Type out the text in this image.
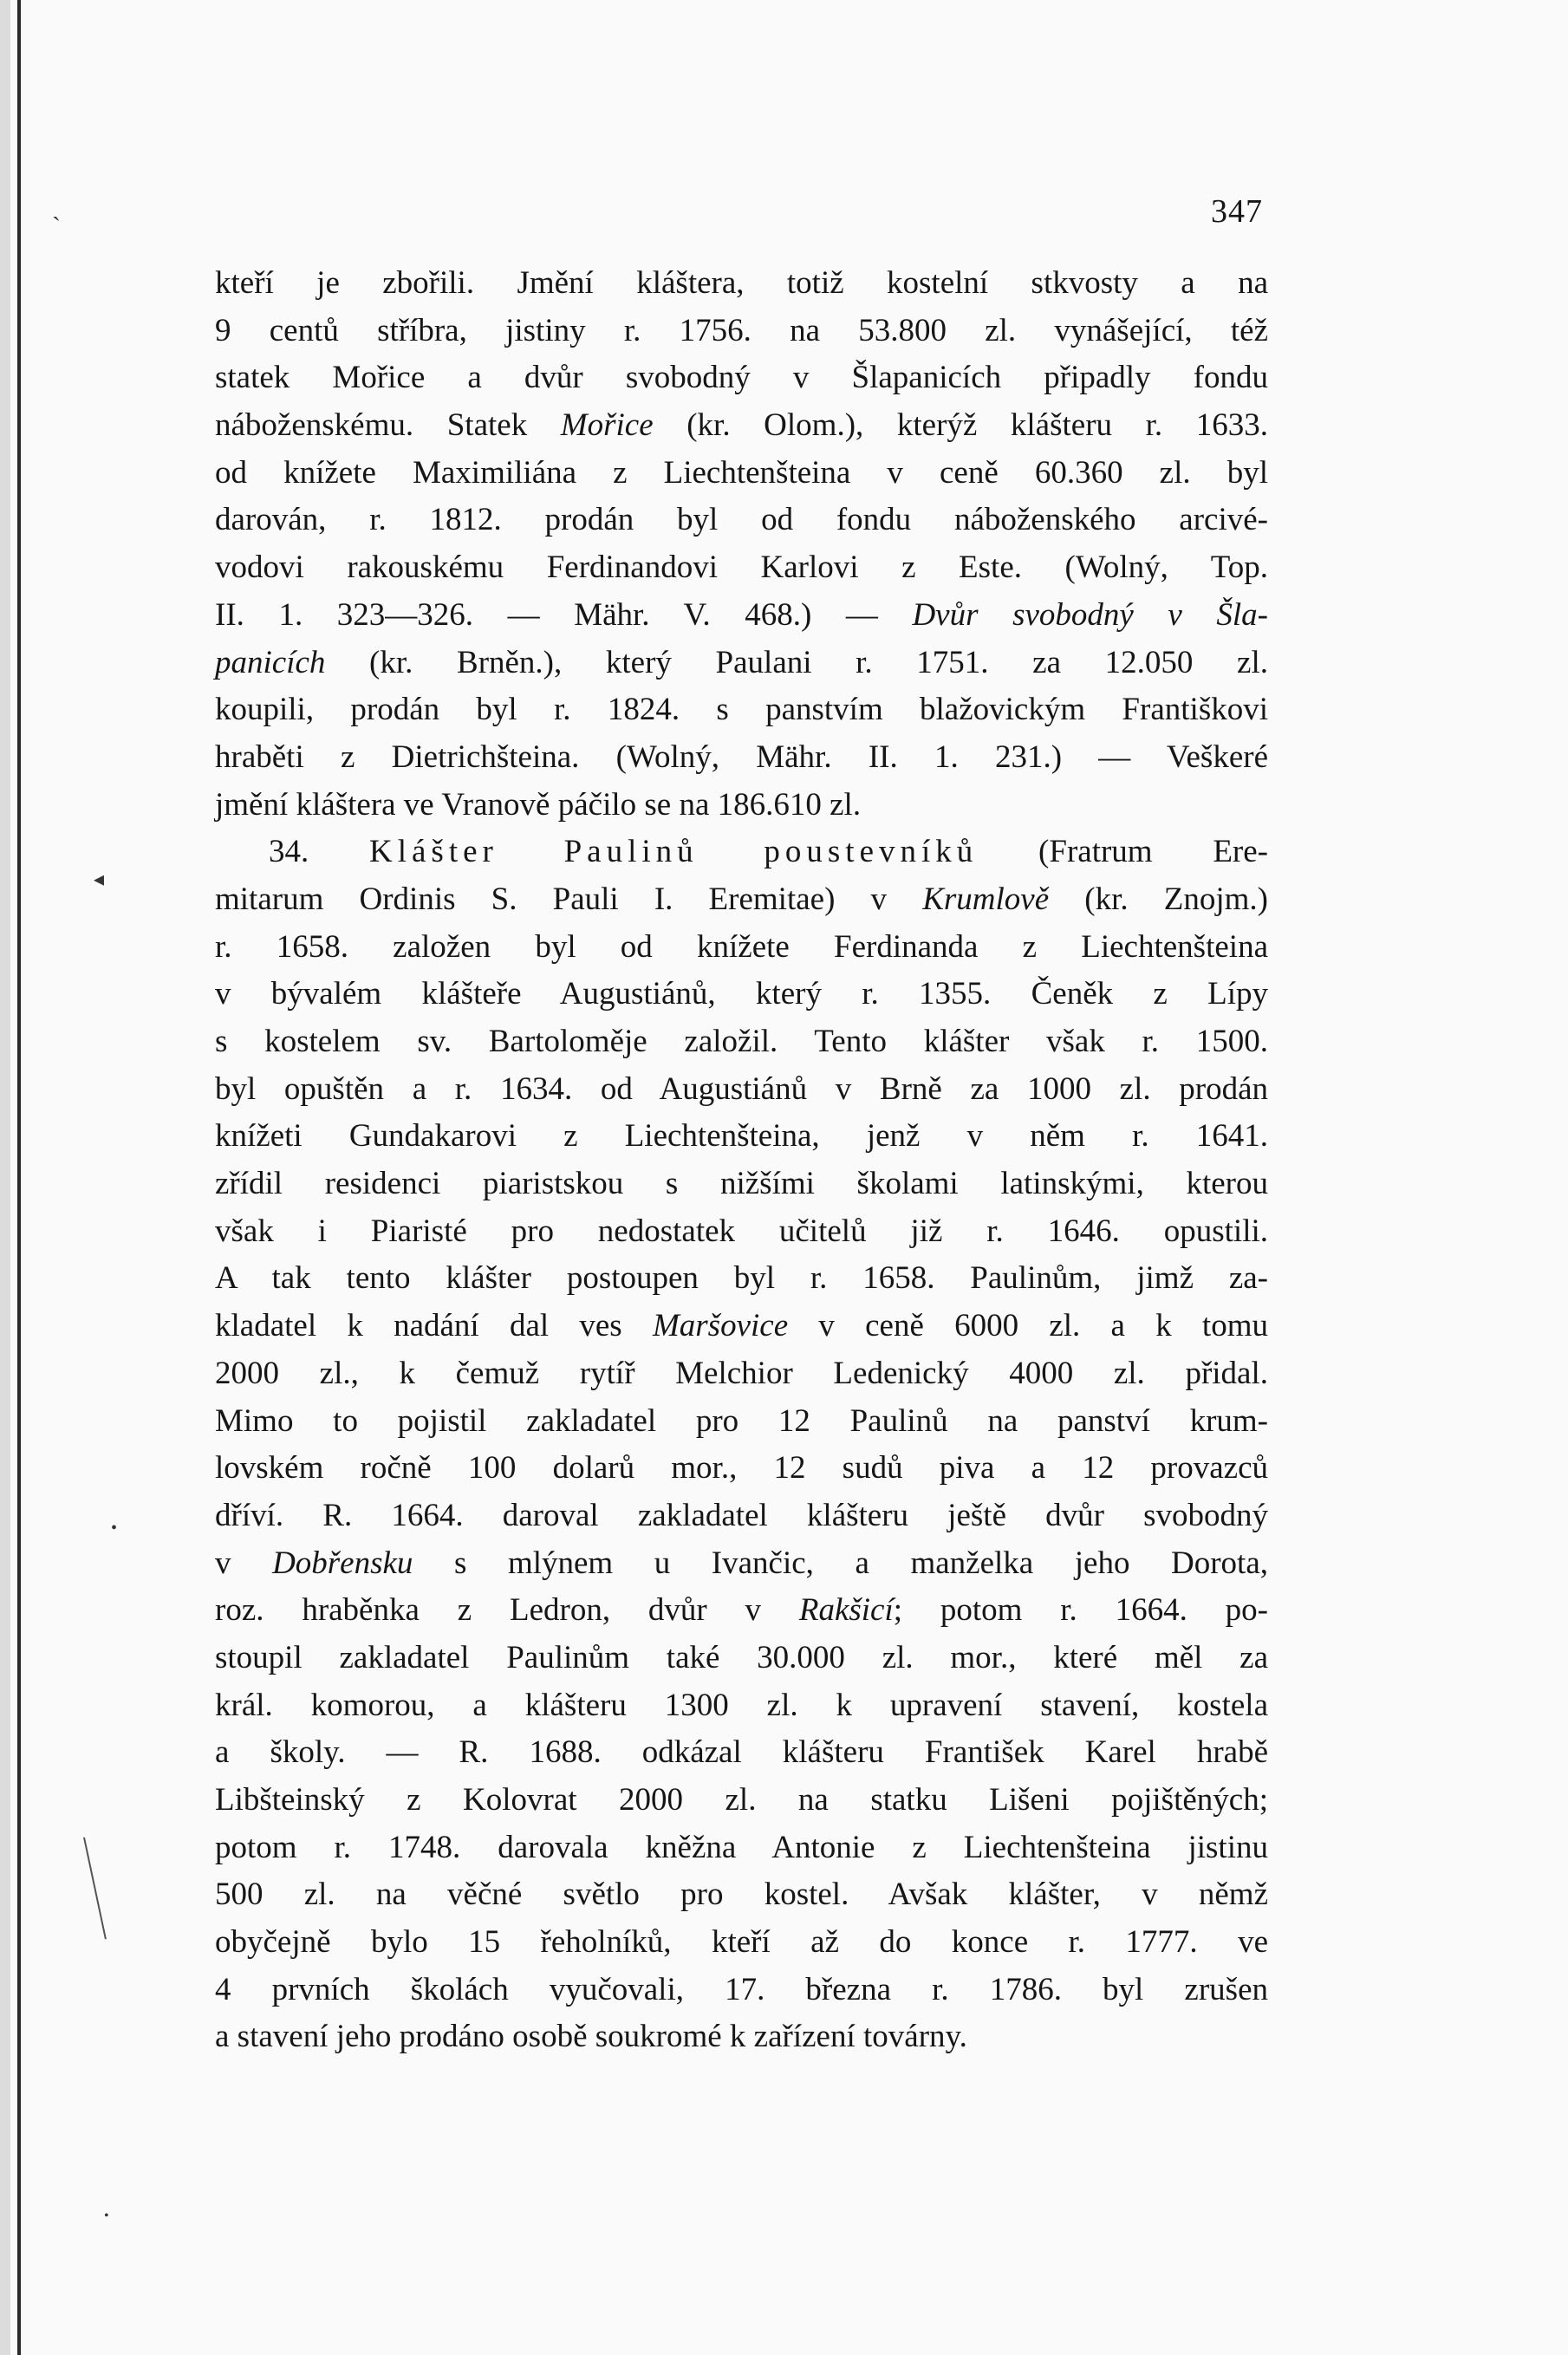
347
kteří je zbořili. Jmění kláštera, totiž kostelní stkvosty a na
9 centů stříbra, jistiny r. 1756. na 53.800 zl. vynášející, též
statek Mořice a dvůr svobodný v Šlapanicích připadly fondu
náboženskému. Statek Mořice (kr. Olom.), kterýž klášteru r. 1633.
od knížete Maximiliána z Liechtenšteina v ceně 60.360 zl. byl
darován, r. 1812. prodán byl od fondu náboženského arcivé-
vodovi rakouskému Ferdinandovi Karlovi z Este. (Wolný, Top.
II. 1. 323—326. — Mähr. V. 468.) — Dvůr svobodný v Šla-
panicích (kr. Brněn.), který Paulani r. 1751. za 12.050 zl.
koupili, prodán byl r. 1824. s panstvím blažovickým Františkovi
hraběti z Dietrichšteina. (Wolný, Mähr. II. 1. 231.) — Veškeré
jmění kláštera ve Vranově páčilo se na 186.610 zl.
34. Klášter Paulinů poustevníků (Fratrum Ere-
mitarum Ordinis S. Pauli I. Eremitae) v Krumlově (kr. Znojm.)
r. 1658. založen byl od knížete Ferdinanda z Liechtenšteina
v bývalém klášteře Augustiánů, který r. 1355. Čeněk z Lípy
s kostelem sv. Bartoloměje založil. Tento klášter však r. 1500.
byl opuštěn a r. 1634. od Augustiánů v Brně za 1000 zl. prodán
knížeti Gundakarovi z Liechtenšteina, jenž v něm r. 1641.
zřídil residenci piaristskou s nižšími školami latinskými, kterou
však i Piaristé pro nedostatek učitelů již r. 1646. opustili.
A tak tento klášter postoupen byl r. 1658. Paulinům, jimž za-
kladatel k nadání dal ves Maršovice v ceně 6000 zl. a k tomu
2000 zl., k čemuž rytíř Melchior Ledenický 4000 zl. přidal.
Mimo to pojistil zakladatel pro 12 Paulinů na panství krum-
lovském ročně 100 dolarů mor., 12 sudů piva a 12 provazců
dříví. R. 1664. daroval zakladatel klášteru ještě dvůr svobodný
v Dobřensku s mlýnem u Ivančic, a manželka jeho Dorota,
roz. hraběnka z Ledron, dvůr v Rakšicí; potom r. 1664. po-
stoupil zakladatel Paulinům také 30.000 zl. mor., které měl za
král. komorou, a klášteru 1300 zl. k upravení stavení, kostela
a školy. — R. 1688. odkázal klášteru František Karel hrabě
Libšteinský z Kolovrat 2000 zl. na statku Lišeni pojištěných;
potom r. 1748. darovala kněžna Antonie z Liechtenšteina jistinu
500 zl. na věčné světlo pro kostel. Avšak klášter, v němž
obyčejně bylo 15 řeholníků, kteří až do konce r. 1777. ve
4 prvních školách vyučovali, 17. března r. 1786. byl zrušen
a stavení jeho prodáno osobě soukromé k zařízení továrny.
ˎ
◂
•
•
